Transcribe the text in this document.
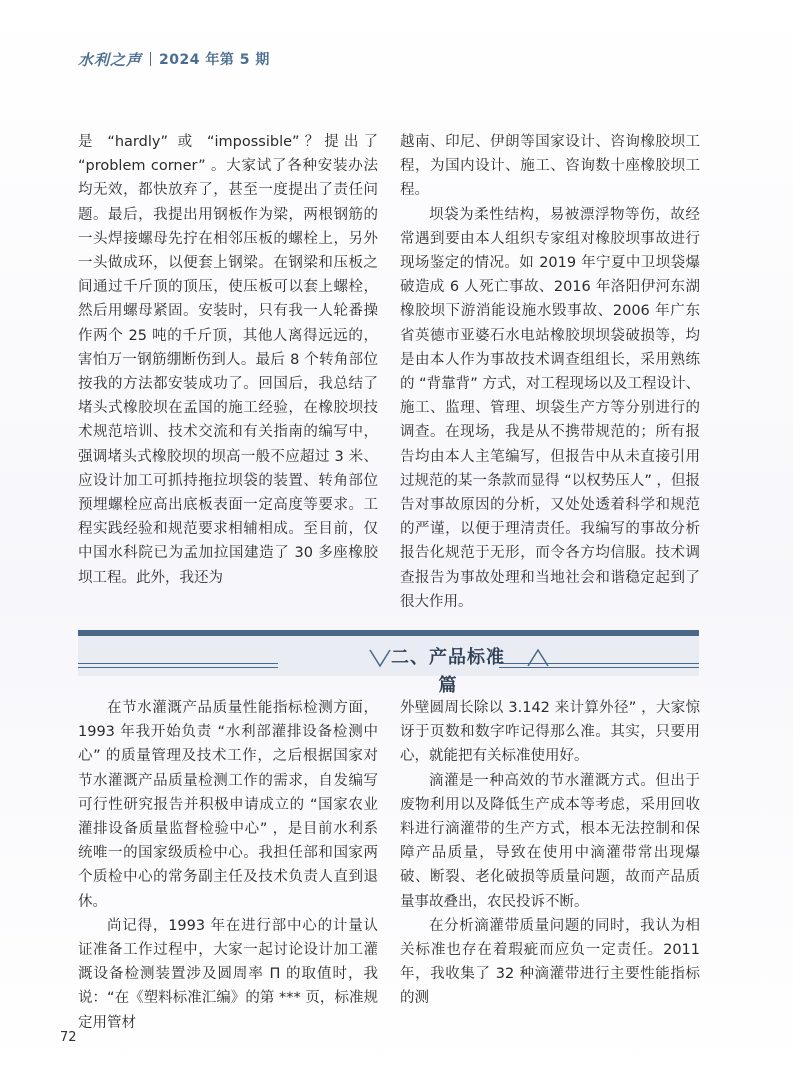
水利之声 2024 年第 5 期

是 “hardly” 或 “impossible”？提出了 “problem corner” 。大家试了各种安装办法均无效，都快放弃了，甚至一度提出了责任问题。最后，我提出用钢板作为梁，两根钢筋的一头焊接螺母先拧在相邻压板的螺栓上，另外一头做成环，以便套上钢梁。在钢梁和压板之间通过千斤顶的顶压，使压板可以套上螺栓，然后用螺母紧固。安装时，只有我一人轮番操作两个 25 吨的千斤顶，其他人离得远远的，害怕万一钢筋绷断伤到人。最后 8 个转角部位按我的方法都安装成功了。回国后，我总结了堵头式橡胶坝在孟国的施工经验，在橡胶坝技术规范培训、技术交流和有关指南的编写中，强调堵头式橡胶坝的坝高一般不应超过 3 米、应设计加工可抓持拖拉坝袋的装置、转角部位预埋螺栓应高出底板表面一定高度等要求。工程实践经验和规范要求相辅相成。至目前，仅中国水科院已为孟加拉国建造了 30 多座橡胶坝工程。此外，我还为

越南、印尼、伊朗等国家设计、咨询橡胶坝工程，为国内设计、施工、咨询数十座橡胶坝工程。

坝袋为柔性结构，易被漂浮物等伤，故经常遇到要由本人组织专家组对橡胶坝事故进行现场鉴定的情况。如 2019 年宁夏中卫坝袋爆破造成 6 人死亡事故、2016 年洛阳伊河东湖橡胶坝下游消能设施水毁事故、2006 年广东省英德市亚婆石水电站橡胶坝坝袋破损等，均是由本人作为事故技术调查组组长，采用熟练的 “背靠背” 方式，对工程现场以及工程设计、施工、监理、管理、坝袋生产方等分别进行的调查。在现场，我是从不携带规范的；所有报告均由本人主笔编写，但报告中从未直接引用过规范的某一条款而显得 “以权势压人” ，但报告对事故原因的分析，又处处透着科学和规范的严谨，以便于理清责任。我编写的事故分析报告化规范于无形，而令各方均信服。技术调查报告为事故处理和当地社会和谐稳定起到了很大作用。

二、产品标准篇

在节水灌溉产品质量性能指标检测方面，1993 年我开始负责 “水利部灌排设备检测中心” 的质量管理及技术工作，之后根据国家对节水灌溉产品质量检测工作的需求，自发编写可行性研究报告并积极申请成立的 “国家农业灌排设备质量监督检验中心” ，是目前水利系统唯一的国家级质检中心。我担任部和国家两个质检中心的常务副主任及技术负责人直到退休。

尚记得，1993 年在进行部中心的计量认证准备工作过程中，大家一起讨论设计加工灌溉设备检测装置涉及圆周率 Π 的取值时，我说：“在《塑料标准汇编》的第 *** 页，标准规定用管材

外壁圆周长除以 3.142 来计算外径” ，大家惊讶于页数和数字咋记得那么准。其实，只要用心，就能把有关标准使用好。

滴灌是一种高效的节水灌溉方式。但出于废物利用以及降低生产成本等考虑，采用回收料进行滴灌带的生产方式，根本无法控制和保障产品质量，导致在使用中滴灌带常出现爆破、断裂、老化破损等质量问题，故而产品质量事故叠出，农民投诉不断。

在分析滴灌带质量问题的同时，我认为相关标准也存在着瑕疵而应负一定责任。2011 年，我收集了 32 种滴灌带进行主要性能指标的测

72
